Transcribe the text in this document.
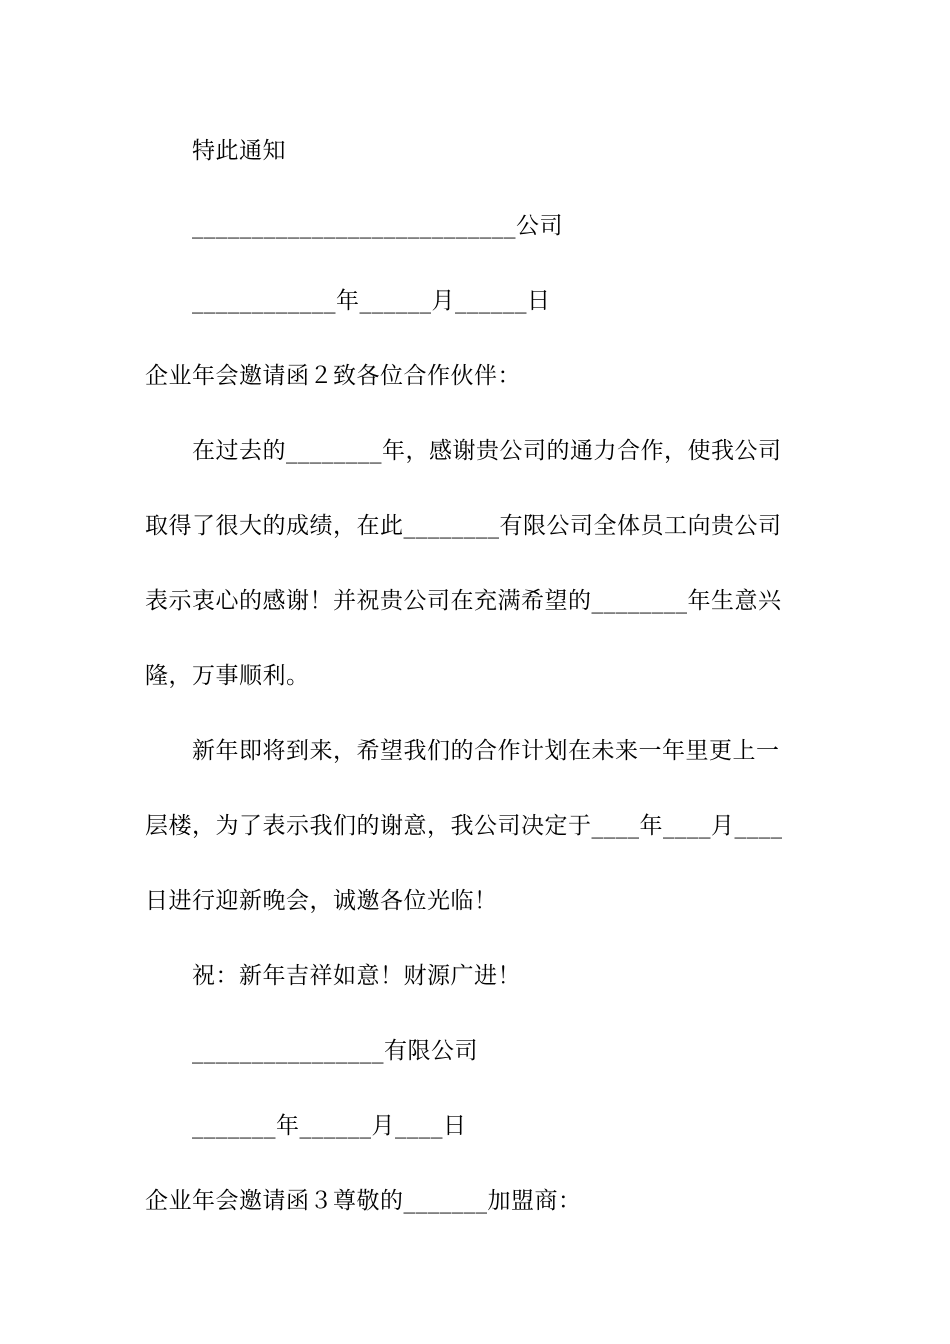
特此通知
___________________________公司
____________年______月______日
企业年会邀请函２致各位合作伙伴：
在过去的________年，感谢贵公司的通力合作，使我公司
取得了很大的成绩，在此________有限公司全体员工向贵公司
表示衷心的感谢！并祝贵公司在充满希望的________年生意兴
隆，万事顺利。
新年即将到来，希望我们的合作计划在未来一年里更上一
层楼，为了表示我们的谢意，我公司决定于____年____月____
日进行迎新晚会，诚邀各位光临！
祝：新年吉祥如意！财源广进！
________________有限公司
_______年______月____日
企业年会邀请函３尊敬的_______加盟商：
